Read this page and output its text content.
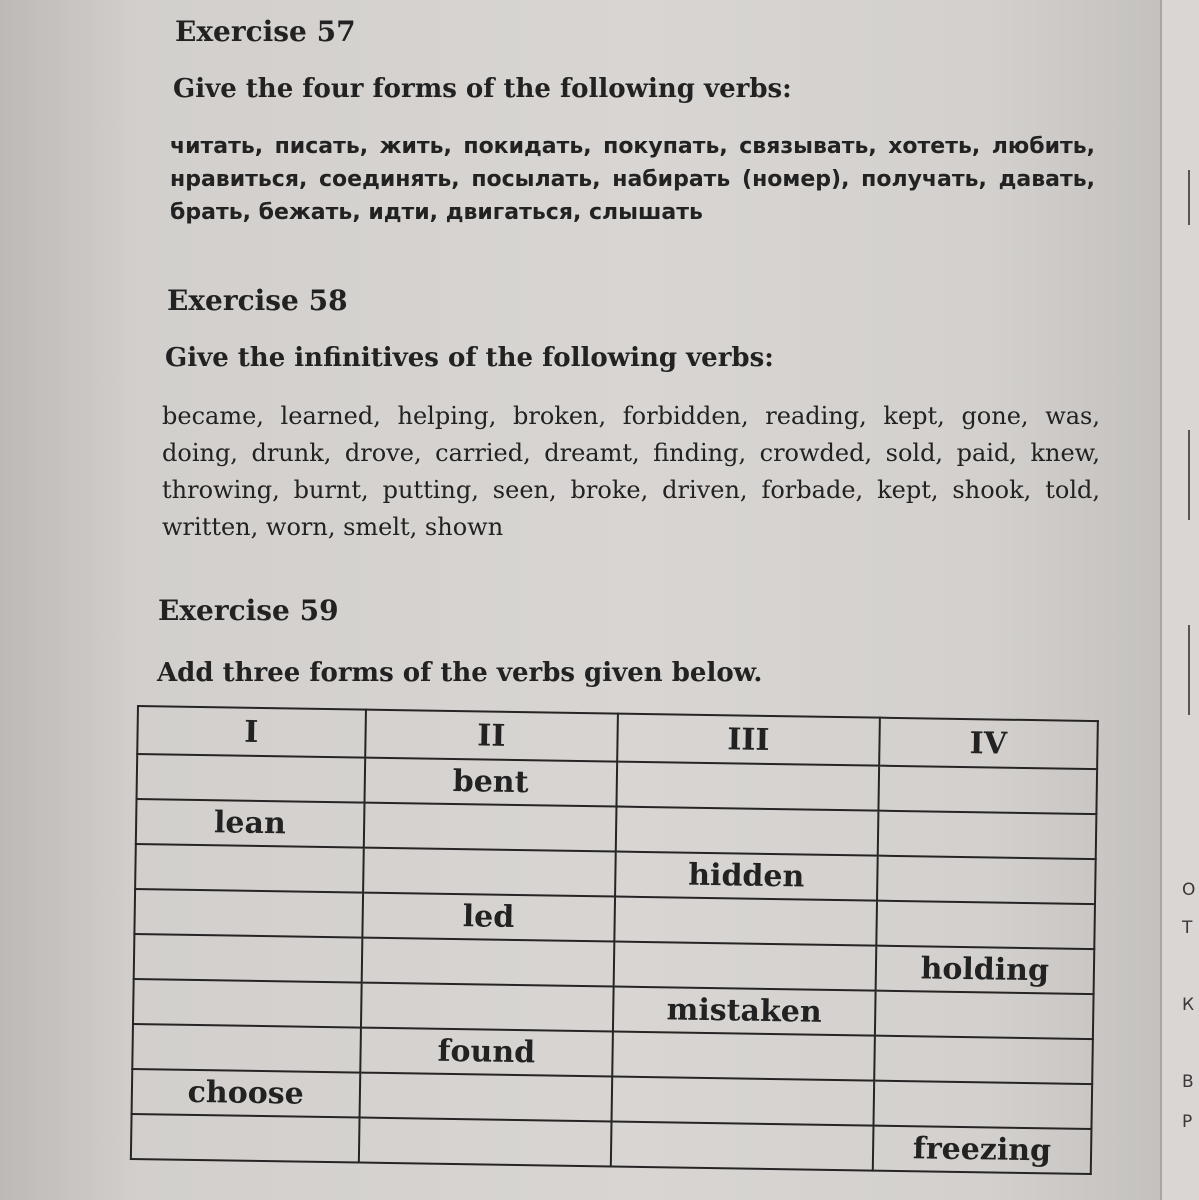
Exercise 57
Give the four forms of the following verbs:
читать, писать, жить, покидать, покупать, связывать, хотеть, любить, нравиться, соединять, посылать, набирать (номер), получать, давать, брать, бежать, идти, двигаться, слышать
Exercise 58
Give the infinitives of the following verbs:
became, learned, helping, broken, forbidden, reading, kept, gone, was, doing, drunk, drove, carried, dreamt, finding, crowded, sold, paid, knew, throwing, burnt, putting, seen, broke, driven, forbade, kept, shook, told, written, worn, smelt, shown
Exercise 59
Add three forms of the verbs given below.
I	II	III	IV
	bent		
lean			
		hidden	
	led		
			holding
		mistaken	
	found		
choose			
			freezing
О
Т
К
В
Р
